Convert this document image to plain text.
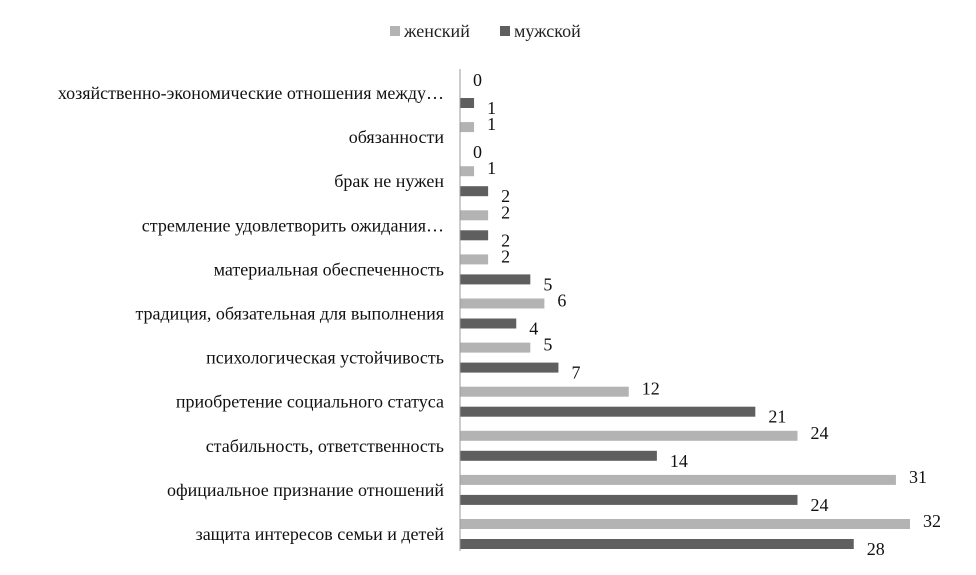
женский мужской
хозяйственно-экономические отношения между…
обязанности
брак не нужен
стремление удовлетворить ожидания…
материальная обеспеченность
традиция, обязательная для выполнения
психологическая устойчивость
приобретение социального статуса
стабильность, ответственность
официальное признание отношений
защита интересов семьи и детей
0
1
1
0
1
2
2
2
2
5
6
4
5
7
12
21
24
14
31
24
32
28
